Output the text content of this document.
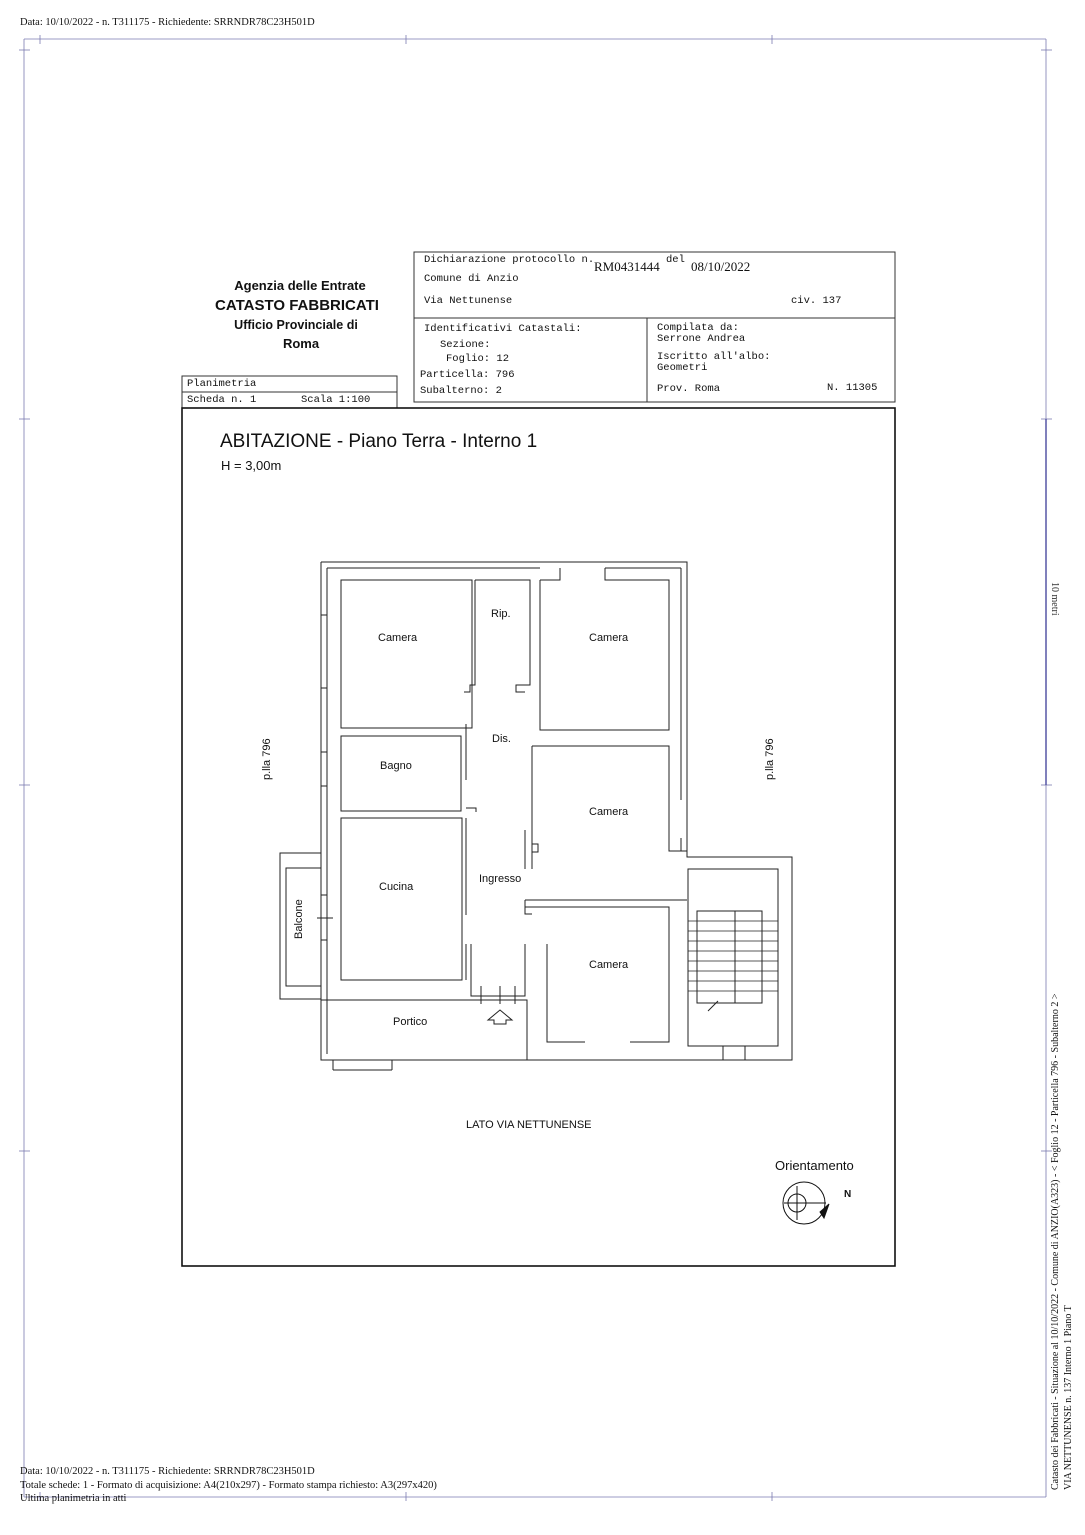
Data: 10/10/2022 - n. T311175 - Richiedente: SRRNDR78C23H501D
Agenzia delle Entrate
CATASTO FABBRICATI
Ufficio Provinciale di
Roma
Dichiarazione protocollo n. RM0431444 del 08/10/2022
Comune di Anzio
Via Nettunense	civ. 137
Identificativi Catastali:
Sezione:
Foglio: 12
Particella: 796
Subalterno: 2
Compilata da:
Serrone Andrea
Iscritto all'albo:
Geometri
Prov. Roma	N. 11305
Planimetria
Scheda n. 1	Scala 1:100
ABITAZIONE - Piano Terra - Interno 1
H = 3,00m
Camera
Rip.
Camera
Dis.
Bagno
Camera
Cucina
Ingresso
Balcone
Camera
Portico
p.lla 796	p.lla 796
LATO VIA NETTUNENSE
Orientamento
N
10 metri
Catasto dei Fabbricati - Situazione al 10/10/2022 - Comune di ANZIO(A323) - < Foglio 12 - Particella 796 - Subalterno 2 > VIA NETTUNENSE n. 137 Interno 1 Piano T
Data: 10/10/2022 - n. T311175 - Richiedente: SRRNDR78C23H501D
Totale schede: 1 - Formato di acquisizione: A4(210x297) - Formato stampa richiesto: A3(297x420)
Ultima planimetria in atti
